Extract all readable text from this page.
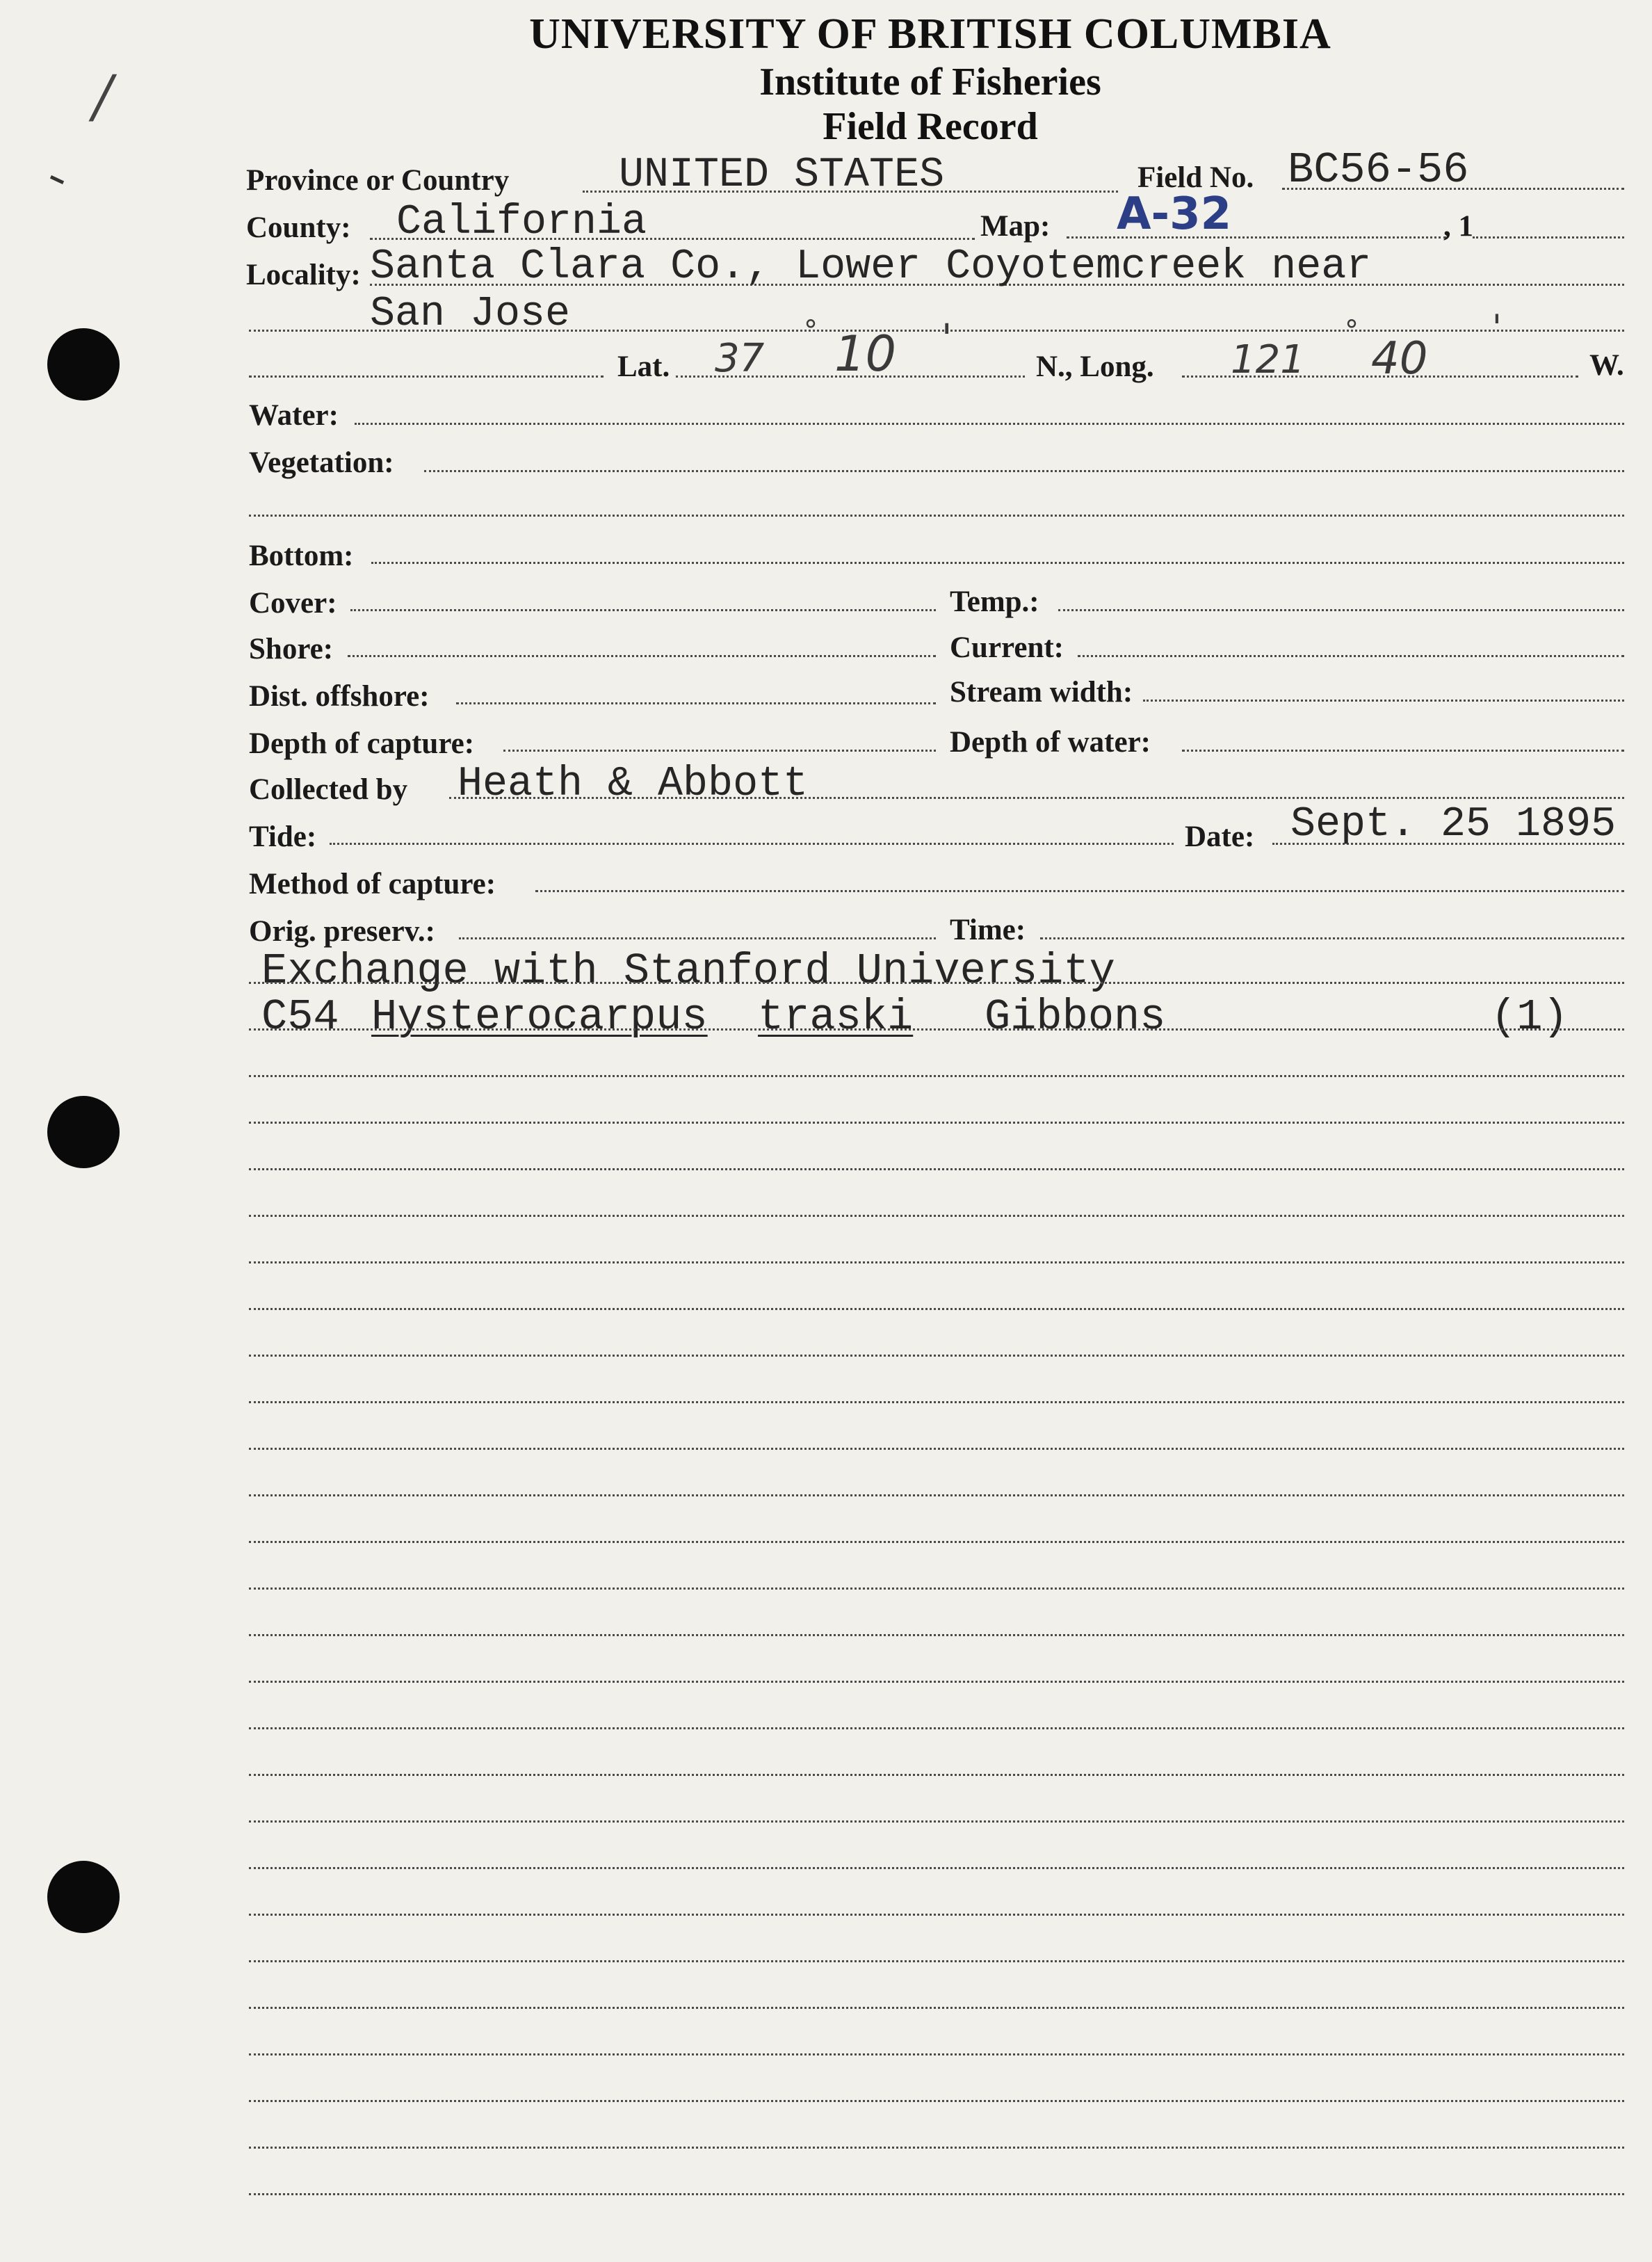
/
UNIVERSITY OF BRITISH COLUMBIA
Institute of Fisheries
Field Record
Province or Country	UNITED STATES	Field No. BC56-56
County: California	Map: A-32	, 1
Locality: Santa Clara Co., Lower Coyotemcreek near
San Jose
Lat. 37
° 10 '
N., Long. 121
°
40
'
W.
Water:
Vegetation:
Bottom:
Cover:	Temp.:
Shore:	Current:
Dist. offshore:	Stream width:
Depth of capture:	Depth of water:
Collected by Heath & Abbott
Tide:	Date: Sept. 25 1895
Method of capture:
Orig. preserv.:	Time:
Exchange with Stanford University
C54 Hysterocarpus traski Gibbons	(1)
